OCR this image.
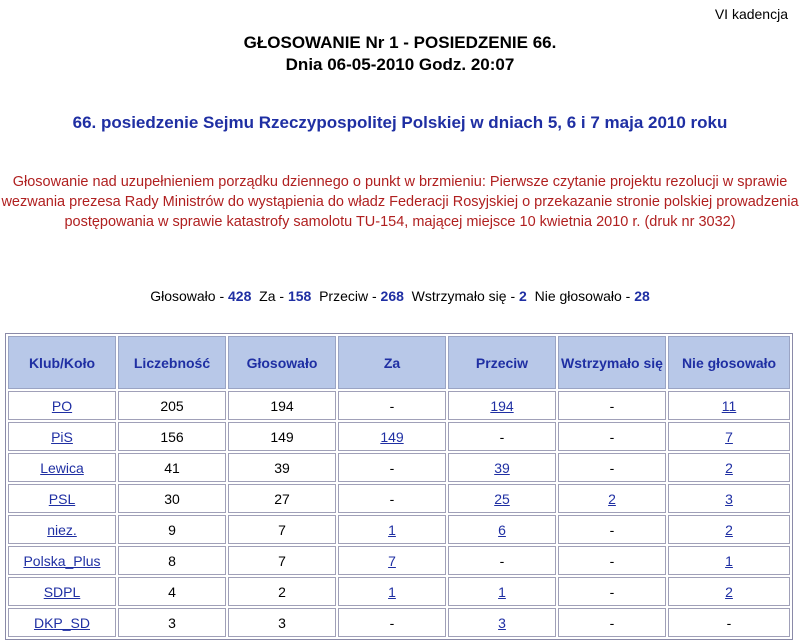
VI kadencja
GŁOSOWANIE Nr 1 - POSIEDZENIE 66.
Dnia 06-05-2010 Godz. 20:07
66. posiedzenie Sejmu Rzeczypospolitej Polskiej w dniach 5, 6 i 7 maja 2010 roku
Głosowanie nad uzupełnieniem porządku dziennego o punkt w brzmieniu: Pierwsze czytanie projektu rezolucji w sprawie wezwania prezesa Rady Ministrów do wystąpienia do władz Federacji Rosyjskiej o przekazanie stronie polskiej prowadzenia postępowania w sprawie katastrofy samolotu TU-154, mającej miejsce 10 kwietnia 2010 r. (druk nr 3032)
Głosowało - 428 Za - 158 Przeciw - 268 Wstrzymało się - 2 Nie głosowało - 28
Klub/Koło	Liczebność	Głosowało	Za	Przeciw	Wstrzymało się	Nie głosowało
PO	205	194	-	194	-	11
PiS	156	149	149	-	-	7
Lewica	41	39	-	39	-	2
PSL	30	27	-	25	2	3
niez.	9	7	1	6	-	2
Polska_Plus	8	7	7	-	-	1
SDPL	4	2	1	1	-	2
DKP_SD	3	3	-	3	-	-
